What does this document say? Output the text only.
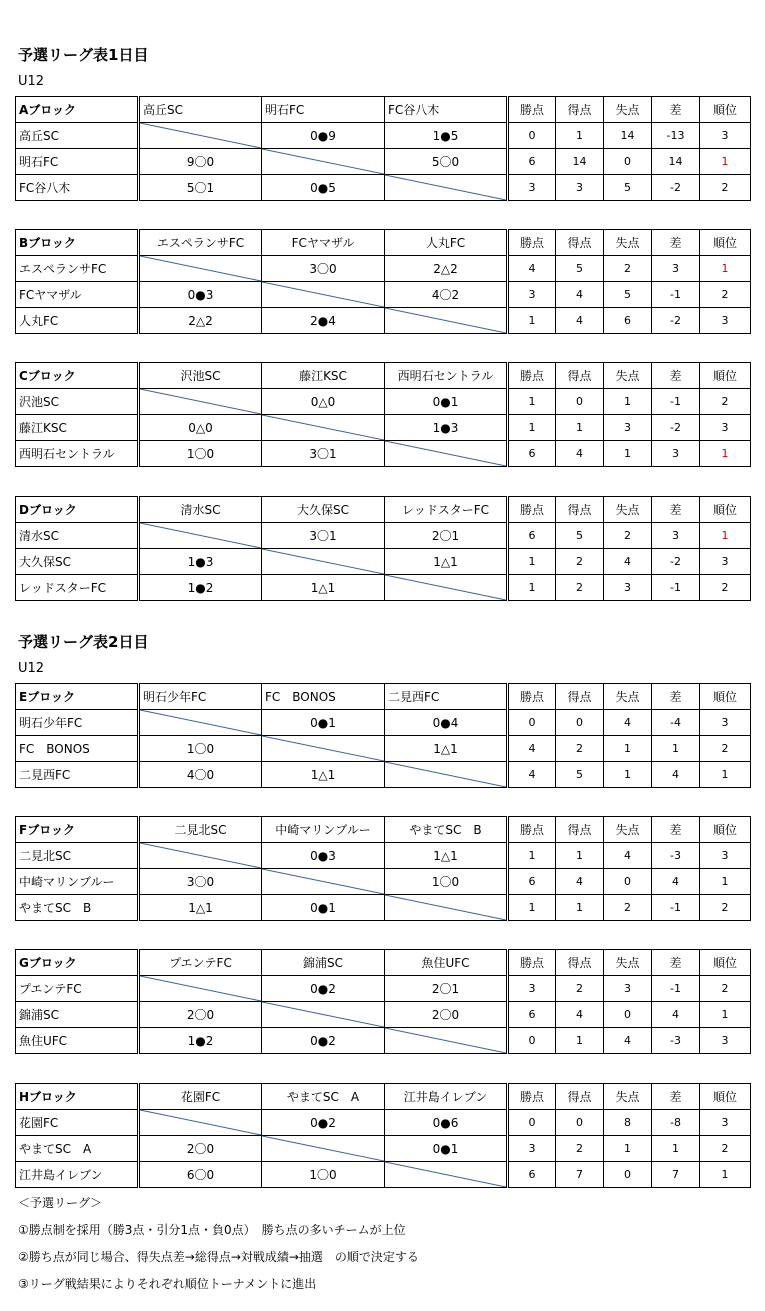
予選リーグ表1日目
U12
予選リーグ表2日目
U12
Aブロック	高丘SC	明石FC	FC谷八木	勝点	得点	失点	差	順位
高丘SC		0●9	1●5	0	1	14	-13	3
明石FC	9〇0		5〇0	6	14	0	14	1
FC谷八木	5〇1	0●5		3	3	5	-2	2
Bブロック	エスペランサFC	FCヤマザル	人丸FC	勝点	得点	失点	差	順位
エスペランサFC		3〇0	2△2	4	5	2	3	1
FCヤマザル	0●3		4〇2	3	4	5	-1	2
人丸FC	2△2	2●4		1	4	6	-2	3
Cブロック	沢池SC	藤江KSC	西明石セントラル	勝点	得点	失点	差	順位
沢池SC		0△0	0●1	1	0	1	-1	2
藤江KSC	0△0		1●3	1	1	3	-2	3
西明石セントラル	1〇0	3〇1		6	4	1	3	1
Dブロック	清水SC	大久保SC	レッドスターFC	勝点	得点	失点	差	順位
清水SC		3〇1	2〇1	6	5	2	3	1
大久保SC	1●3		1△1	1	2	4	-2	3
レッドスターFC	1●2	1△1		1	2	3	-1	2
Eブロック	明石少年FC	FC　BONOS	二見西FC	勝点	得点	失点	差	順位
明石少年FC		0●1	0●4	0	0	4	-4	3
FC　BONOS	1〇0		1△1	4	2	1	1	2
二見西FC	4〇0	1△1		4	5	1	4	1
Fブロック	二見北SC	中崎マリンブルー	やまてSC　B	勝点	得点	失点	差	順位
二見北SC		0●3	1△1	1	1	4	-3	3
中崎マリンブルー	3〇0		1〇0	6	4	0	4	1
やまてSC　B	1△1	0●1		1	1	2	-1	2
Gブロック	プエンテFC	錦浦SC	魚住UFC	勝点	得点	失点	差	順位
プエンテFC		0●2	2〇1	3	2	3	-1	2
錦浦SC	2〇0		2〇0	6	4	0	4	1
魚住UFC	1●2	0●2		0	1	4	-3	3
Hブロック	花園FC	やまてSC　A	江井島イレブン	勝点	得点	失点	差	順位
花園FC		0●2	0●6	0	0	8	-8	3
やまてSC　A	2〇0		0●1	3	2	1	1	2
江井島イレブン	6〇0	1〇0		6	7	0	7	1
＜予選リーグ＞
①勝点制を採用（勝3点・引分1点・負0点）　勝ち点の多いチームが上位
②勝ち点が同じ場合、得失点差→総得点→対戦成績→抽選　の順で決定する
③リーグ戦結果によりそれぞれ順位トーナメントに進出
